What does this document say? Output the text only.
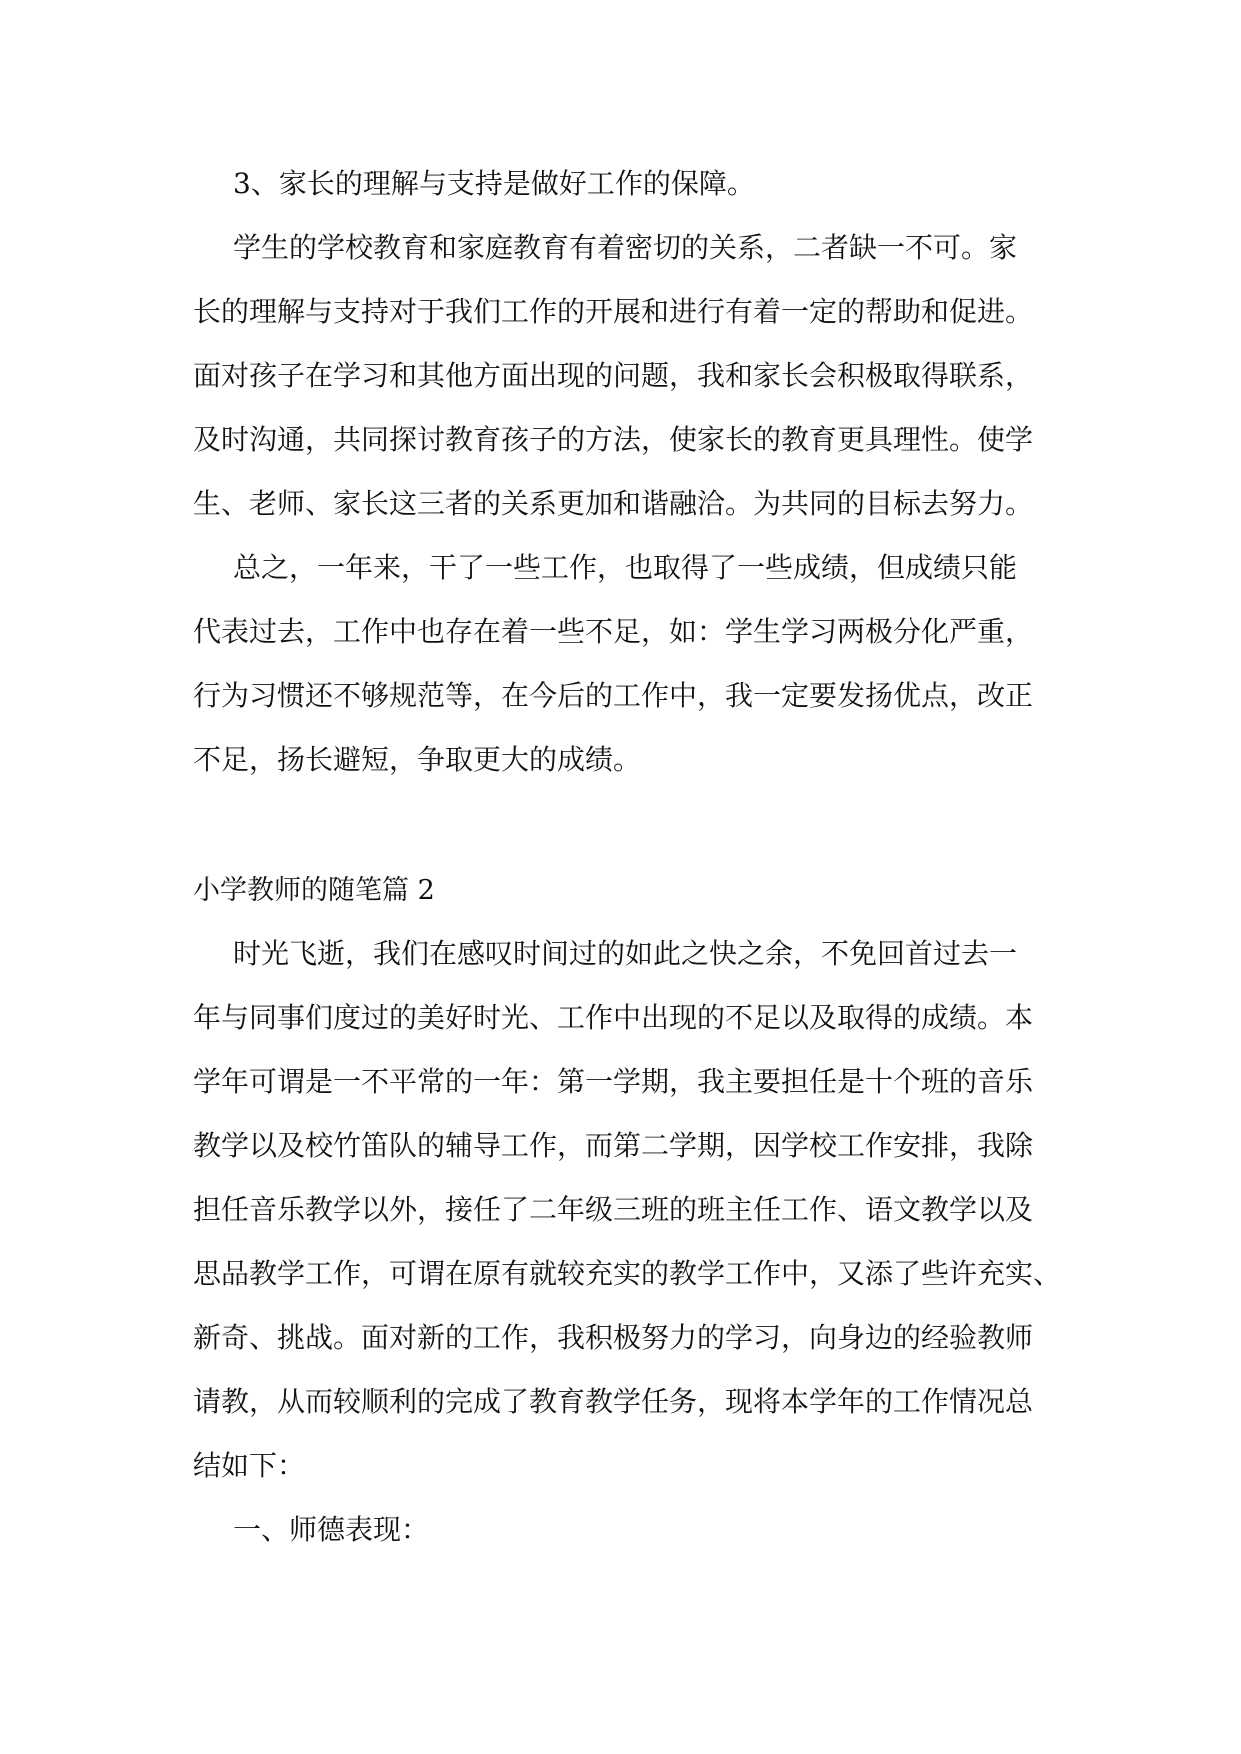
3、家长的理解与支持是做好工作的保障。

学生的学校教育和家庭教育有着密切的关系，二者缺一不可。家

长的理解与支持对于我们工作的开展和进行有着一定的帮助和促进。

面对孩子在学习和其他方面出现的问题，我和家长会积极取得联系，

及时沟通，共同探讨教育孩子的方法，使家长的教育更具理性。使学

生、老师、家长这三者的关系更加和谐融洽。为共同的目标去努力。

总之，一年来，干了一些工作，也取得了一些成绩，但成绩只能

代表过去，工作中也存在着一些不足，如：学生学习两极分化严重，

行为习惯还不够规范等，在今后的工作中，我一定要发扬优点，改正

不足，扬长避短，争取更大的成绩。

小学教师的随笔篇 2

时光飞逝，我们在感叹时间过的如此之快之余，不免回首过去一

年与同事们度过的美好时光、工作中出现的不足以及取得的成绩。本

学年可谓是一不平常的一年：第一学期，我主要担任是十个班的音乐

教学以及校竹笛队的辅导工作，而第二学期，因学校工作安排，我除

担任音乐教学以外，接任了二年级三班的班主任工作、语文教学以及

思品教学工作，可谓在原有就较充实的教学工作中，又添了些许充实、

新奇、挑战。面对新的工作，我积极努力的学习，向身边的经验教师

请教，从而较顺利的完成了教育教学任务，现将本学年的工作情况总

结如下：

一、师德表现：
